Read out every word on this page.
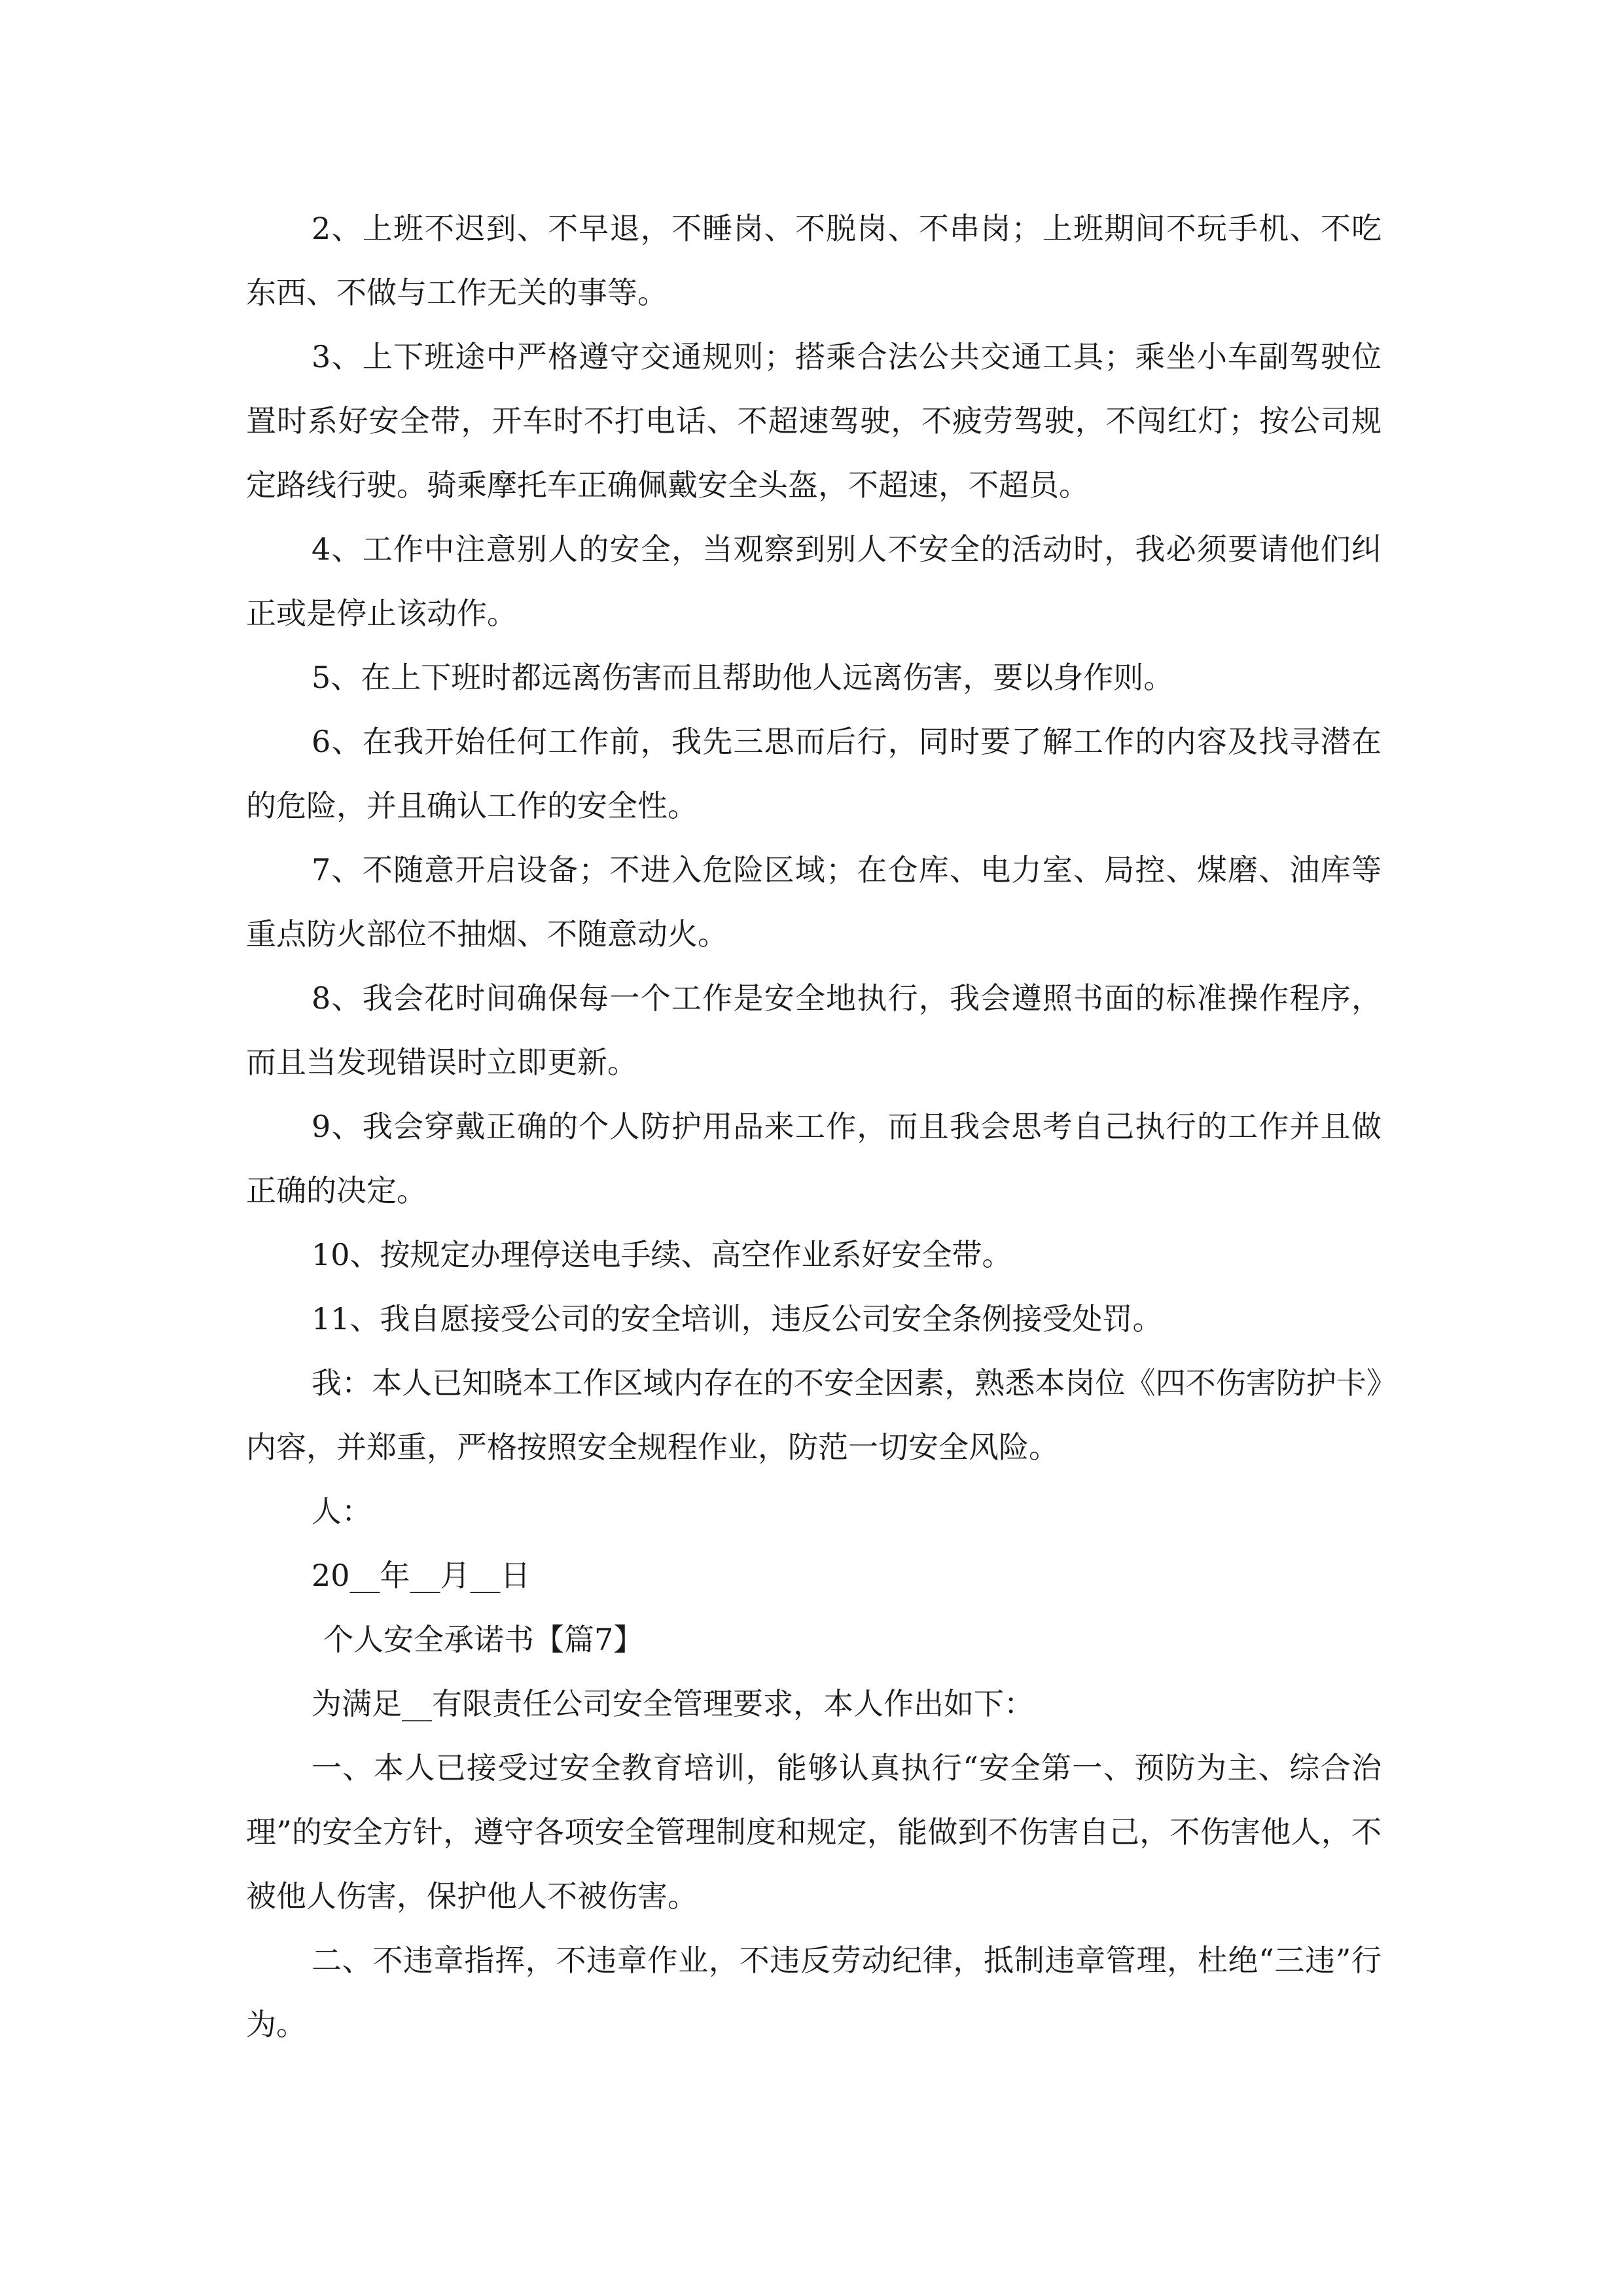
2、上班不迟到、不早退，不睡岗、不脱岗、不串岗；上班期间不玩手机、不吃东西、不做与工作无关的事等。

3、上下班途中严格遵守交通规则；搭乘合法公共交通工具；乘坐小车副驾驶位置时系好安全带，开车时不打电话、不超速驾驶，不疲劳驾驶，不闯红灯；按公司规定路线行驶。骑乘摩托车正确佩戴安全头盔，不超速，不超员。

4、工作中注意别人的安全，当观察到别人不安全的活动时，我必须要请他们纠正或是停止该动作。

5、在上下班时都远离伤害而且帮助他人远离伤害，要以身作则。

6、在我开始任何工作前，我先三思而后行，同时要了解工作的内容及找寻潜在的危险，并且确认工作的安全性。

7、不随意开启设备；不进入危险区域；在仓库、电力室、局控、煤磨、油库等重点防火部位不抽烟、不随意动火。

8、我会花时间确保每一个工作是安全地执行，我会遵照书面的标准操作程序，而且当发现错误时立即更新。

9、我会穿戴正确的个人防护用品来工作，而且我会思考自己执行的工作并且做正确的决定。

10、按规定办理停送电手续、高空作业系好安全带。

11、我自愿接受公司的安全培训，违反公司安全条例接受处罚。

我：本人已知晓本工作区域内存在的不安全因素，熟悉本岗位《四不伤害防护卡》内容，并郑重，严格按照安全规程作业，防范一切安全风险。

人：

20__年__月__日

个人安全承诺书【篇7】

为满足__有限责任公司安全管理要求，本人作出如下：

一、本人已接受过安全教育培训，能够认真执行“安全第一、预防为主、综合治理”的安全方针，遵守各项安全管理制度和规定，能做到不伤害自己，不伤害他人，不被他人伤害，保护他人不被伤害。

二、不违章指挥，不违章作业，不违反劳动纪律，抵制违章管理，杜绝“三违”行为。
